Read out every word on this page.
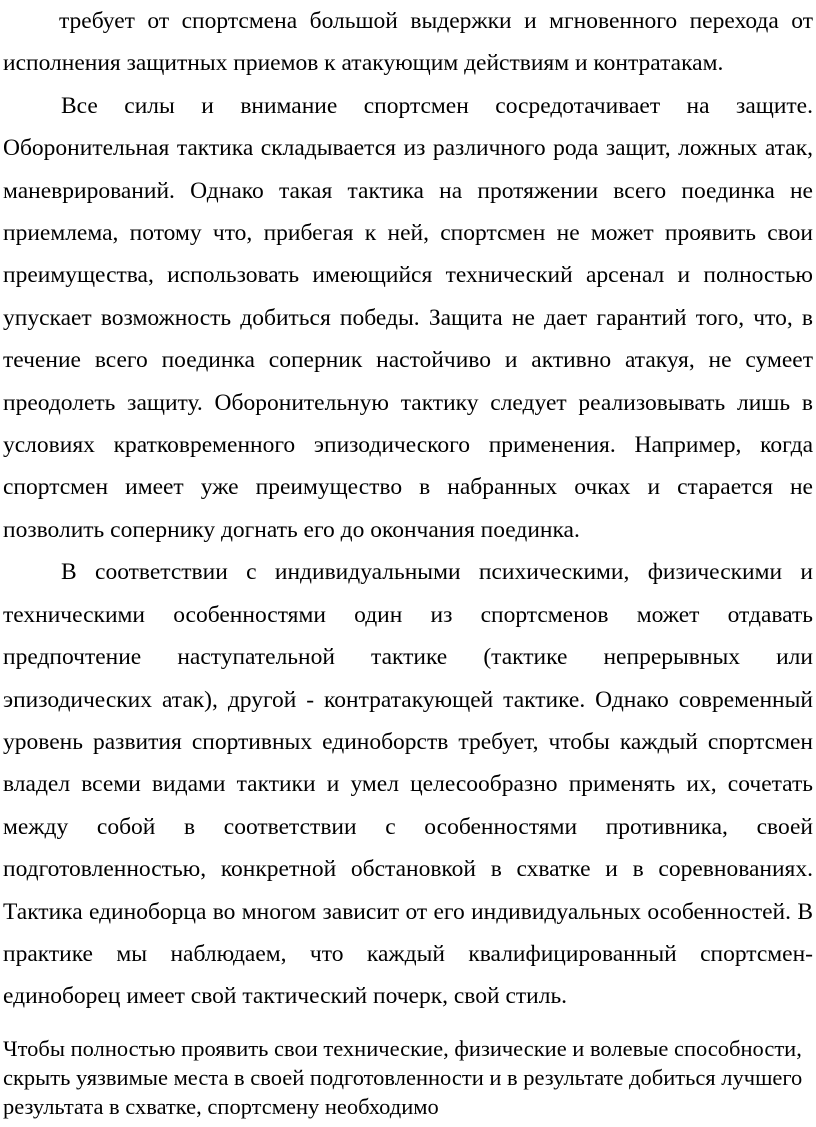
требует от спортсмена большой выдержки и мгновенного перехода от исполнения защитных приемов к атакующим действиям и контратакам.

Все силы и внимание спортсмен сосредотачивает на защите. Оборонительная тактика складывается из различного рода защит, ложных атак, маневрирований. Однако такая тактика на протяжении всего поединка не приемлема, потому что, прибегая к ней, спортсмен не может проявить свои преимущества, использовать имеющийся технический арсенал и полностью упускает возможность добиться победы. Защита не дает гарантий того, что, в течение всего поединка соперник настойчиво и активно атакуя, не сумеет преодолеть защиту. Оборонительную тактику следует реализовывать лишь в условиях кратковременного эпизодического применения. Например, когда спортсмен имеет уже преимущество в набранных очках и старается не позволить сопернику догнать его до окончания поединка.

В соответствии с индивидуальными психическими, физическими и техническими особенностями один из спортсменов может отдавать предпочтение наступательной тактике (тактике непрерывных или эпизодических атак), другой - контратакующей тактике. Однако современный уровень развития спортивных единоборств требует, чтобы каждый спортсмен владел всеми видами тактики и умел целесообразно применять их, сочетать между собой в соответствии с особенностями противника, своей подготовленностью, конкретной обстановкой в схватке и в соревнованиях. Тактика единоборца во многом зависит от его индивидуальных особенностей. В практике мы наблюдаем, что каждый квалифицированный спортсмен-единоборец имеет свой тактический почерк, свой стиль.

Чтобы полностью проявить свои технические, физические и волевые способности, скрыть уязвимые места в своей подготовленности и в результате добиться лучшего результата в схватке, спортсмену необходимо
